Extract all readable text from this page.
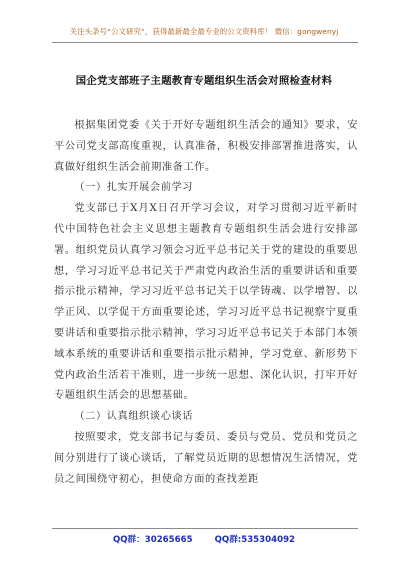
关注头条号“公文研究”，获得最新最全最专业的公文资料库！ 微信：gongwenyj
国企党支部班子主题教育专题组织生活会对照检查材料

根据集团党委《关于开好专题组织生活会的通知》要求，安平公司党支部高度重视，认真准备，积极安排部署推进落实，认真做好组织生活会前期准备工作。

（一）扎实开展会前学习

党支部已于X月X日召开学习会议，对学习贯彻习近平新时代中国特色社会主义思想主题教育专题组织生活会进行安排部署。组织党员认真学习领会习近平总书记关于党的建设的重要思想，学习习近平总书记关于严肃党内政治生活的重要讲话和重要指示批示精神，学习习近平总书记关于以学铸魂、以学增智、以学正风、以学促干方面重要论述，学习习近平总书记视察宁夏重要讲话和重要指示批示精神，学习习近平总书记关于本部门本领域本系统的重要讲话和重要指示批示精神，学习党章、新形势下党内政治生活若干准则，进一步统一思想、深化认识，打牢开好专题组织生活会的思想基础。

（二）认真组织谈心谈话

按照要求，党支部书记与委员、委员与党员、党员和党员之间分别进行了谈心谈话，了解党员近期的思想情况生活情况，党员之间围绕守初心，担使命方面的查找差距

QQ群：30265665	QQ群:535304092
